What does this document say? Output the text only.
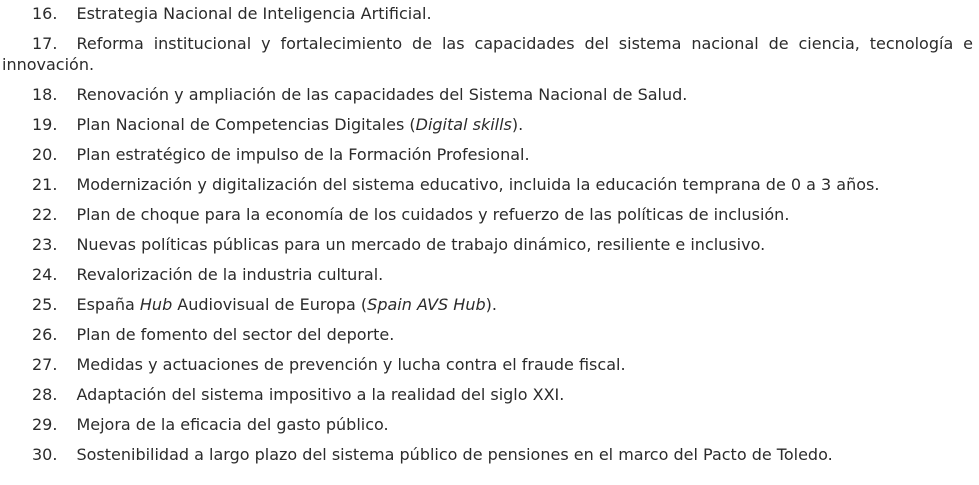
16. Estrategia Nacional de Inteligencia Artificial.
17. Reforma institucional y fortalecimiento de las capacidades del sistema nacional de ciencia, tecnología e
innovación.
18. Renovación y ampliación de las capacidades del Sistema Nacional de Salud.
19. Plan Nacional de Competencias Digitales (Digital skills).
20. Plan estratégico de impulso de la Formación Profesional.
21. Modernización y digitalización del sistema educativo, incluida la educación temprana de 0 a 3 años.
22. Plan de choque para la economía de los cuidados y refuerzo de las políticas de inclusión.
23. Nuevas políticas públicas para un mercado de trabajo dinámico, resiliente e inclusivo.
24. Revalorización de la industria cultural.
25. España Hub Audiovisual de Europa (Spain AVS Hub).
26. Plan de fomento del sector del deporte.
27. Medidas y actuaciones de prevención y lucha contra el fraude fiscal.
28. Adaptación del sistema impositivo a la realidad del siglo XXI.
29. Mejora de la eficacia del gasto público.
30. Sostenibilidad a largo plazo del sistema público de pensiones en el marco del Pacto de Toledo.
